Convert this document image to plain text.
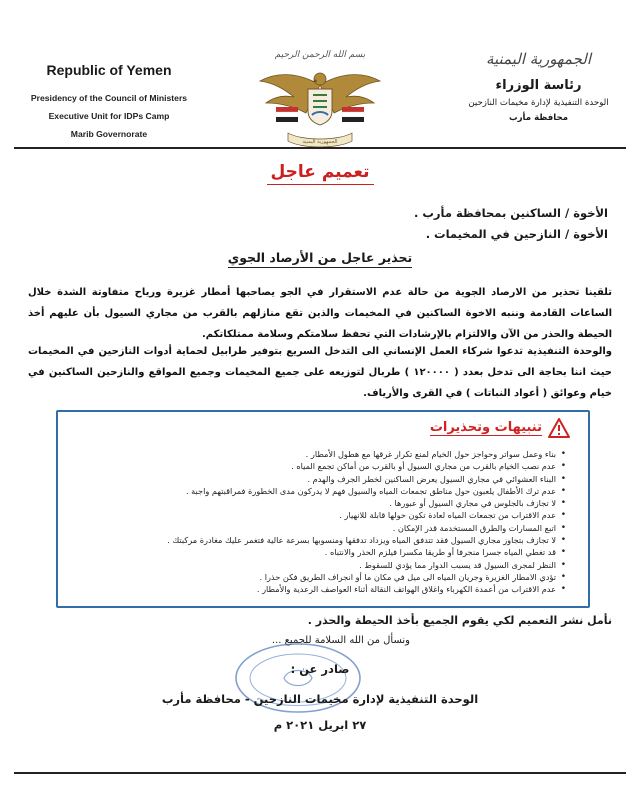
Republic of Yemen
Presidency of the Council of Ministers
Executive Unit for IDPs Camp
Marib Governorate
الجمهورية اليمنية
رئاسة الوزراء
الوحدة التنفيذية لإدارة مخيمات النازحين
محافظة مأرب
بسم الله الرحمن الرحيم
الجمهورية اليمنية
تعميم عاجل
الأخوة / الساكنين بمحافظة مأرب .
الأخوة / النازحين في المخيمات .
تحذير عاجل من الأرصاد الجوي
تلقينا تحذير من الارصاد الجوية من حالة عدم الاستقرار في الجو يصاحبها أمطار غزيرة ورياح متفاوتة الشدة خلال الساعات القادمة وننبه الاخوة الساكنين في المخيمات والذين تقع منازلهم بالقرب من مجاري السيول بأن عليهم أخذ الحيطة والحذر من الآن والالتزام بالإرشادات التي تحفظ سلامتكم وسلامة ممتلكاتكم.
والوحدة التنفيذية تدعوا شركاء العمل الإنساني الى التدخل السريع بتوفير طرابيل لحماية أدوات النازحين في المخيمات حيث اننا بحاجة الى تدخل بعدد ( ١٢٠٠٠٠ ) طربال لتوزيعه على جميع المخيمات وجميع المواقع والنازحين الساكنين في خيام وعوائق ( أعواد النباتات ) في القرى والأرياف.
تنبيهات وتحذيرات
• بناء وعمل سواتر وحواجز حول الخيام لمنع تكرار غرقها مع هطول الأمطار .
• عدم نصب الخيام بالقرب من مجاري السيول أو بالقرب من أماكن تجمع المياه .
• البناء العشوائي في مجاري السيول يعرض الساكنين لخطر الجرف والهدم .
• عدم ترك الأطفال يلعبون حول مناطق تجمعات المياه والسيول فهم لا يدركون مدى الخطورة فمراقبتهم واجبة .
• لا تجازف بالجلوس في مجاري السيول أو عبورها .
• عدم الاقتراب من تجمعات المياه لعادة تكون حولها قابلة للانهيار .
• اتبع المسارات والطرق المستخدمة قدر الإمكان .
• لا تجازف بتجاوز مجاري السيول فقد تتدفق المياه ويزداد تدفقها ومنسوبها بسرعة عالية فتغمر عليك مغادرة مركبتك .
• قد تغطي المياه جسرا منجرفا أو طريقا مكسرا فيلزم الحذر والانتباه .
• النظر لمجرى السيول قد يسبب الدوار مما يؤدي للسقوط .
• تؤدي الامطار الغزيرة وجريان المياه الى ميل في مكان ما أو انجراف الطريق فكن حذرا .
• عدم الاقتراب من أعمدة الكهرباء واغلاق الهواتف النقالة أثناء العواصف الرعدية والأمطار .
نأمل نشر التعميم لكي يقوم الجميع بأخذ الحيطة والحذر .
ونسأل من الله السلامة للجميع ...
صادر عن :
الوحدة التنفيذية لإدارة مخيمات النازحين - محافظة مأرب
٢٧ ابريل ٢٠٢١ م
